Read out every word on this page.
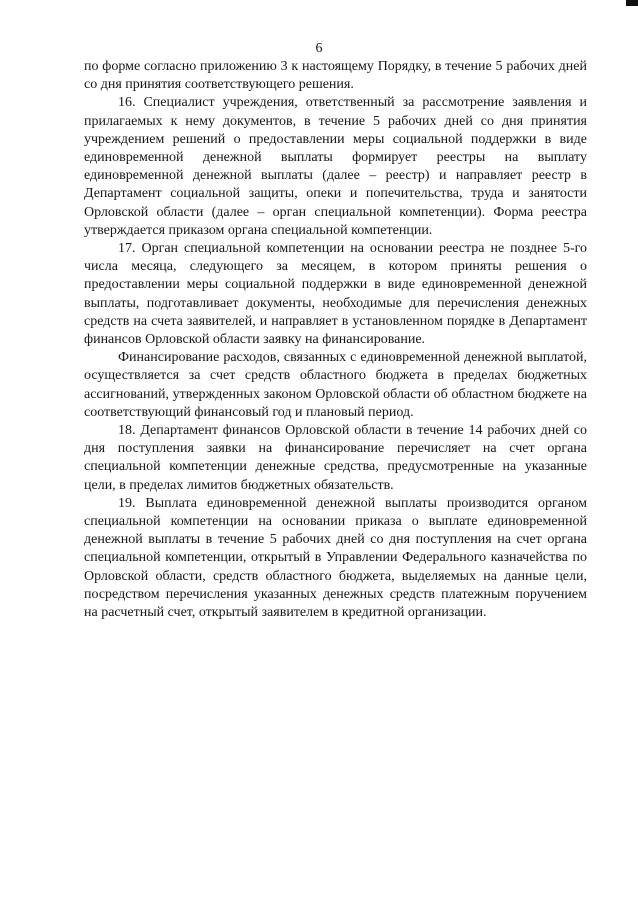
6

по форме согласно приложению 3 к настоящему Порядку, в течение 5 рабочих дней со дня принятия соответствующего решения.

16. Специалист учреждения, ответственный за рассмотрение заявления и прилагаемых к нему документов, в течение 5 рабочих дней со дня принятия учреждением решений о предоставлении меры социальной поддержки в виде единовременной денежной выплаты формирует реестры на выплату единовременной денежной выплаты (далее – реестр) и направляет реестр в Департамент социальной защиты, опеки и попечительства, труда и занятости Орловской области (далее – орган специальной компетенции). Форма реестра утверждается приказом органа специальной компетенции.

17. Орган специальной компетенции на основании реестра не позднее 5-го числа месяца, следующего за месяцем, в котором приняты решения о предоставлении меры социальной поддержки в виде единовременной денежной выплаты, подготавливает документы, необходимые для перечисления денежных средств на счета заявителей, и направляет в установленном порядке в Департамент финансов Орловской области заявку на финансирование.

Финансирование расходов, связанных с единовременной денежной выплатой, осуществляется за счет средств областного бюджета в пределах бюджетных ассигнований, утвержденных законом Орловской области об областном бюджете на соответствующий финансовый год и плановый период.

18. Департамент финансов Орловской области в течение 14 рабочих дней со дня поступления заявки на финансирование перечисляет на счет органа специальной компетенции денежные средства, предусмотренные на указанные цели, в пределах лимитов бюджетных обязательств.

19. Выплата единовременной денежной выплаты производится органом специальной компетенции на основании приказа о выплате единовременной денежной выплаты в течение 5 рабочих дней со дня поступления на счет органа специальной компетенции, открытый в Управлении Федерального казначейства по Орловской области, средств областного бюджета, выделяемых на данные цели, посредством перечисления указанных денежных средств платежным поручением на расчетный счет, открытый заявителем в кредитной организации.
